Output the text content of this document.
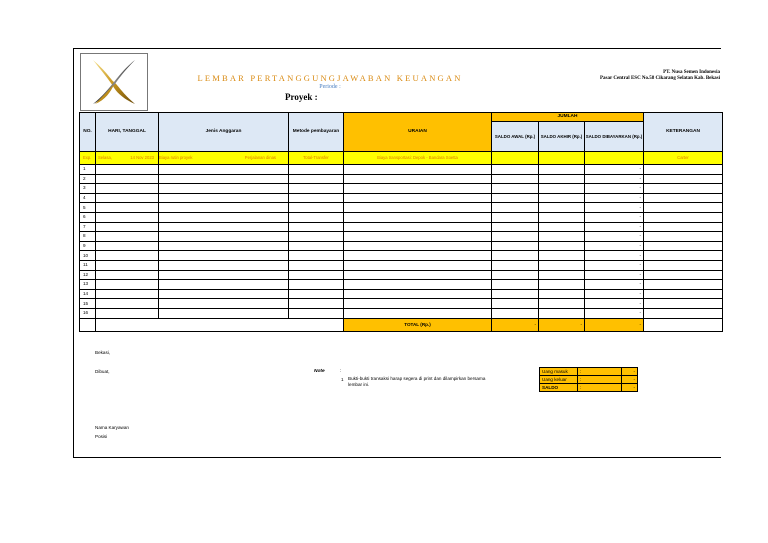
LEMBAR PERTANGGUNGJAWABAN KEUANGAN
Periode :
Proyek :
PT. Nusa Semen Indonesia
Pasar Central ESC No.58 Cikarang Selatan Kab. Bekasi
NO.	HARI, TANGGAL	Jenis Anggaran	Metode pembayaran	URAIAN	JUMLAH			KETERANGAN
					SALDO AWAL (Rp.)	SALDO AKHIR (Rp.)	SALDO DIBAYARKAN (Rp.)	
Exp.	Selasa, 14 Nov 2023	Biaya rutin proyek Perjalanan dinas	Total-Transfer	Biaya transportasi: Depok - Bandara Soetta				Carter
1							-	
2							-	
3							-	
4							-	
5							-	
6							-	
7							-	
8							-	
9							-	
10							-	
11							-	
12							-	
13							-	
14							-	
15							-	
16							-	
				TOTAL (Rp.)	-	-	-	
Bekasi,
Dibuat,	Note	:
1 Bukti-bukti transaksi harap segera di print dan dilampirkan bersama lembar ini.
Nama Karyawan
Posisi
Uang masuk	:	-
Uang keluar	:	-
SALDO	:	-
